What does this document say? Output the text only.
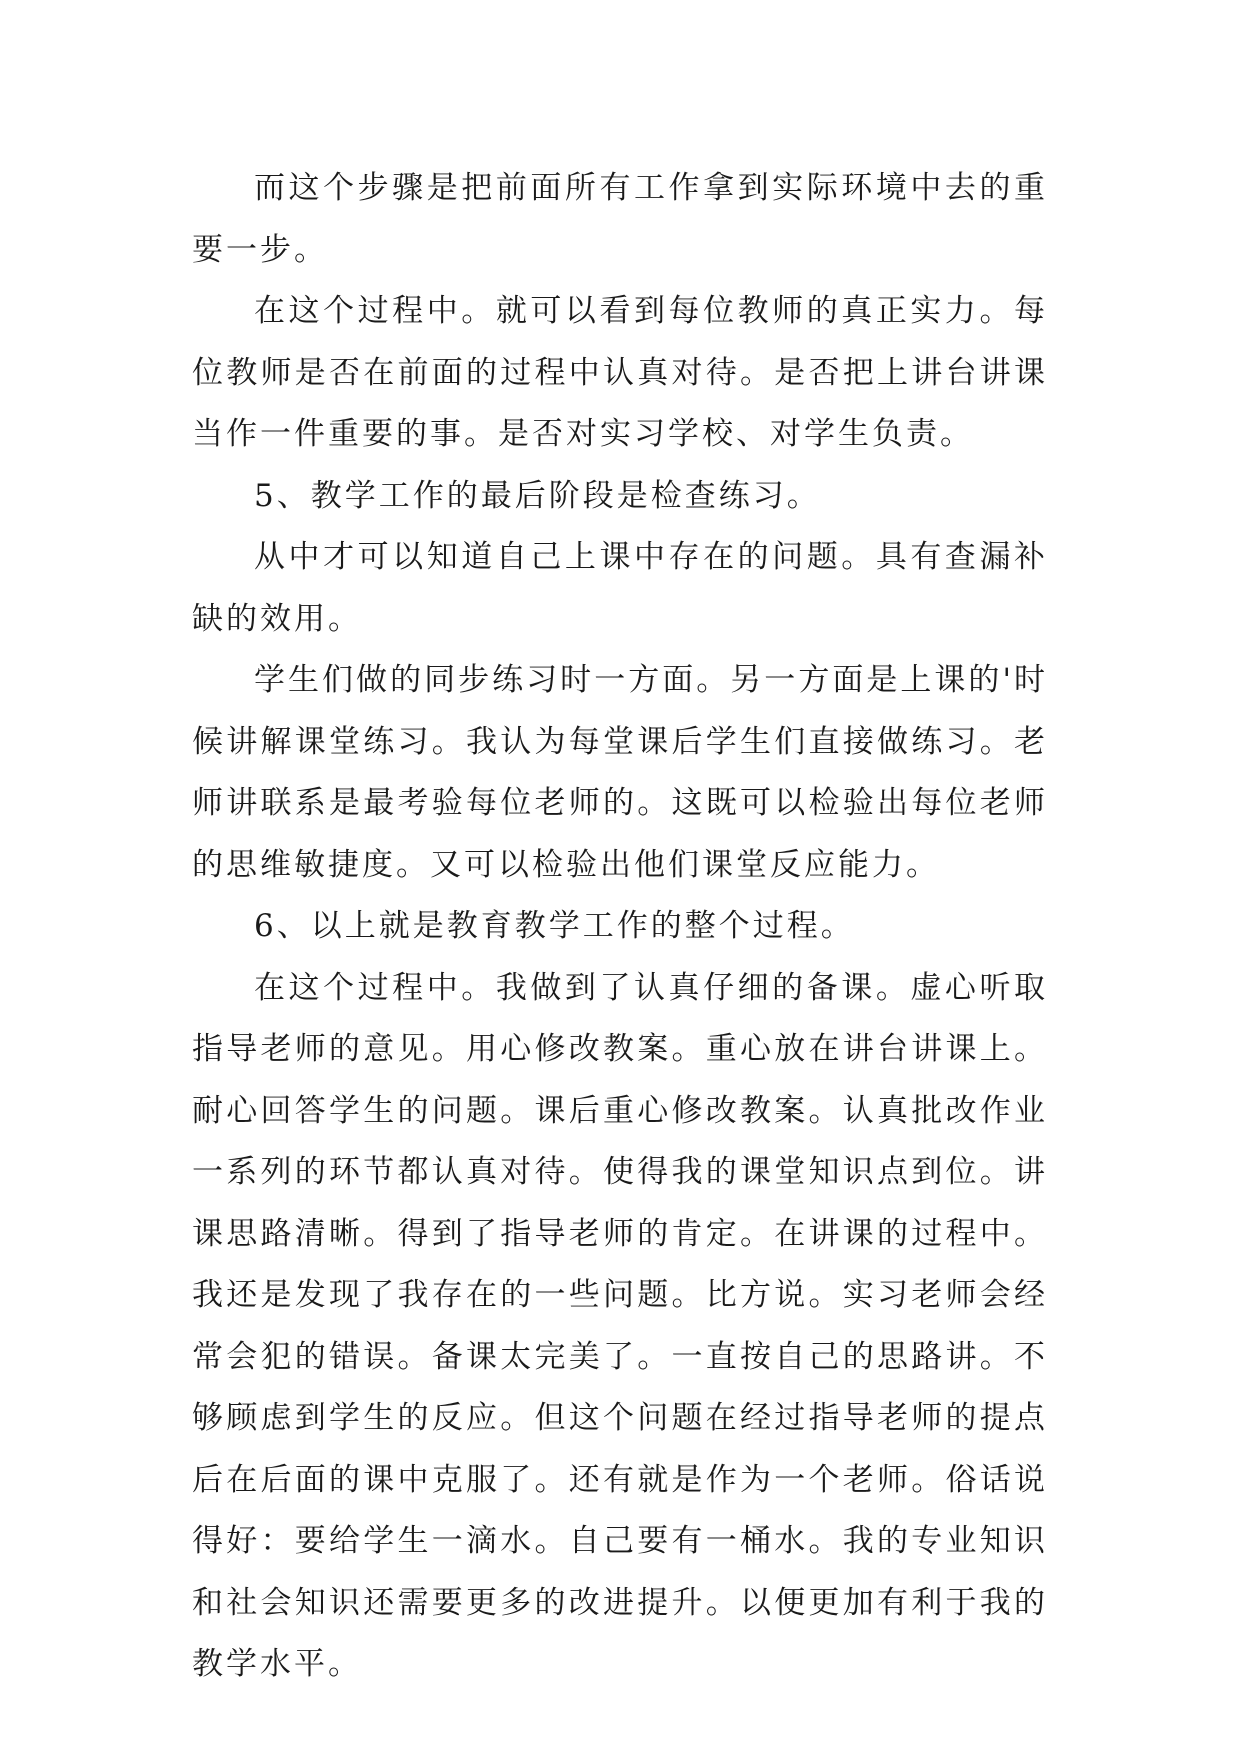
而这个步骤是把前面所有工作拿到实际环境中去的重要一步。

在这个过程中。就可以看到每位教师的真正实力。每位教师是否在前面的过程中认真对待。是否把上讲台讲课当作一件重要的事。是否对实习学校、对学生负责。

5、教学工作的最后阶段是检查练习。

从中才可以知道自己上课中存在的问题。具有查漏补缺的效用。

学生们做的同步练习时一方面。另一方面是上课的'时候讲解课堂练习。我认为每堂课后学生们直接做练习。老师讲联系是最考验每位老师的。这既可以检验出每位老师的思维敏捷度。又可以检验出他们课堂反应能力。

6、以上就是教育教学工作的整个过程。

在这个过程中。我做到了认真仔细的备课。虚心听取指导老师的意见。用心修改教案。重心放在讲台讲课上。耐心回答学生的问题。课后重心修改教案。认真批改作业一系列的环节都认真对待。使得我的课堂知识点到位。讲课思路清晰。得到了指导老师的肯定。在讲课的过程中。我还是发现了我存在的一些问题。比方说。实习老师会经常会犯的错误。备课太完美了。一直按自己的思路讲。不够顾虑到学生的反应。但这个问题在经过指导老师的提点后在后面的课中克服了。还有就是作为一个老师。俗话说得好：要给学生一滴水。自己要有一桶水。我的专业知识和社会知识还需要更多的改进提升。以便更加有利于我的教学水平。
